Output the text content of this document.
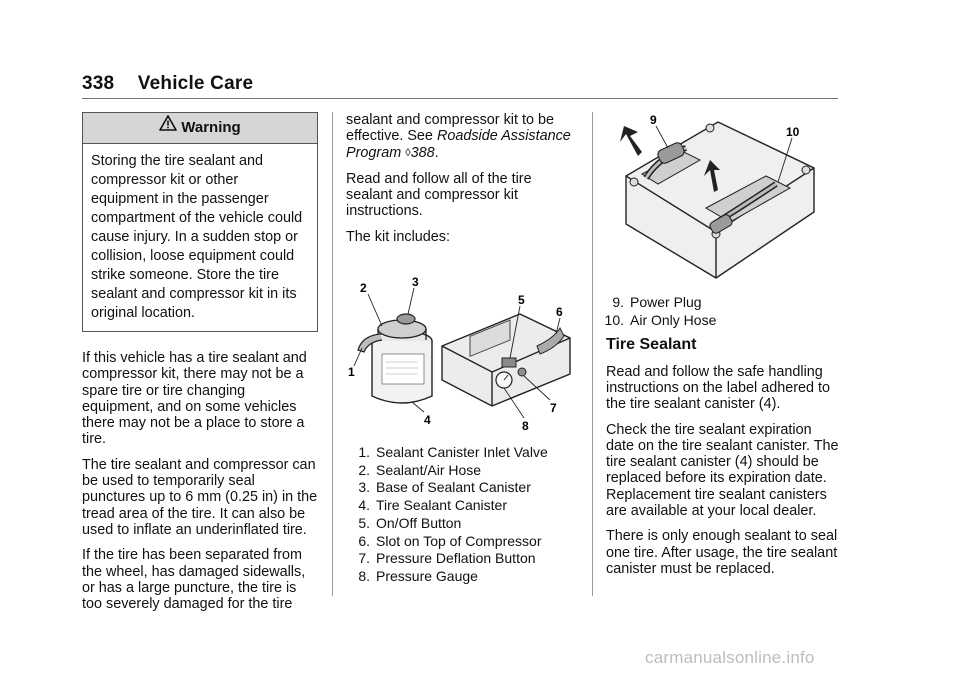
338 Vehicle Care
Warning
Storing the tire sealant and compressor kit or other equipment in the passenger compartment of the vehicle could cause injury. In a sudden stop or collision, loose equipment could strike someone. Store the tire sealant and compressor kit in its original location.

If this vehicle has a tire sealant and compressor kit, there may not be a spare tire or tire changing equipment, and on some vehicles there may not be a place to store a tire.

The tire sealant and compressor can be used to temporarily seal punctures up to 6 mm (0.25 in) in the tread area of the tire. It can also be used to inflate an underinflated tire.

If the tire has been separated from the wheel, has damaged sidewalls, or has a large puncture, the tire is too severely damaged for the tire

sealant and compressor kit to be effective. See Roadside Assistance Program ◊388.

Read and follow all of the tire sealant and compressor kit instructions.

The kit includes:

1
2	3
4
5
6
7
8
1. Sealant Canister Inlet Valve
2. Sealant/Air Hose
3. Base of Sealant Canister
4. Tire Sealant Canister
5. On/Off Button
6. Slot on Top of Compressor
7. Pressure Deflation Button
8. Pressure Gauge
9
10
9. Power Plug
10. Air Only Hose
Tire Sealant

Read and follow the safe handling instructions on the label adhered to the tire sealant canister (4).

Check the tire sealant expiration date on the tire sealant canister. The tire sealant canister (4) should be replaced before its expiration date. Replacement tire sealant canisters are available at your local dealer.

There is only enough sealant to seal one tire. After usage, the tire sealant canister must be replaced.

carmanualsonline.info
